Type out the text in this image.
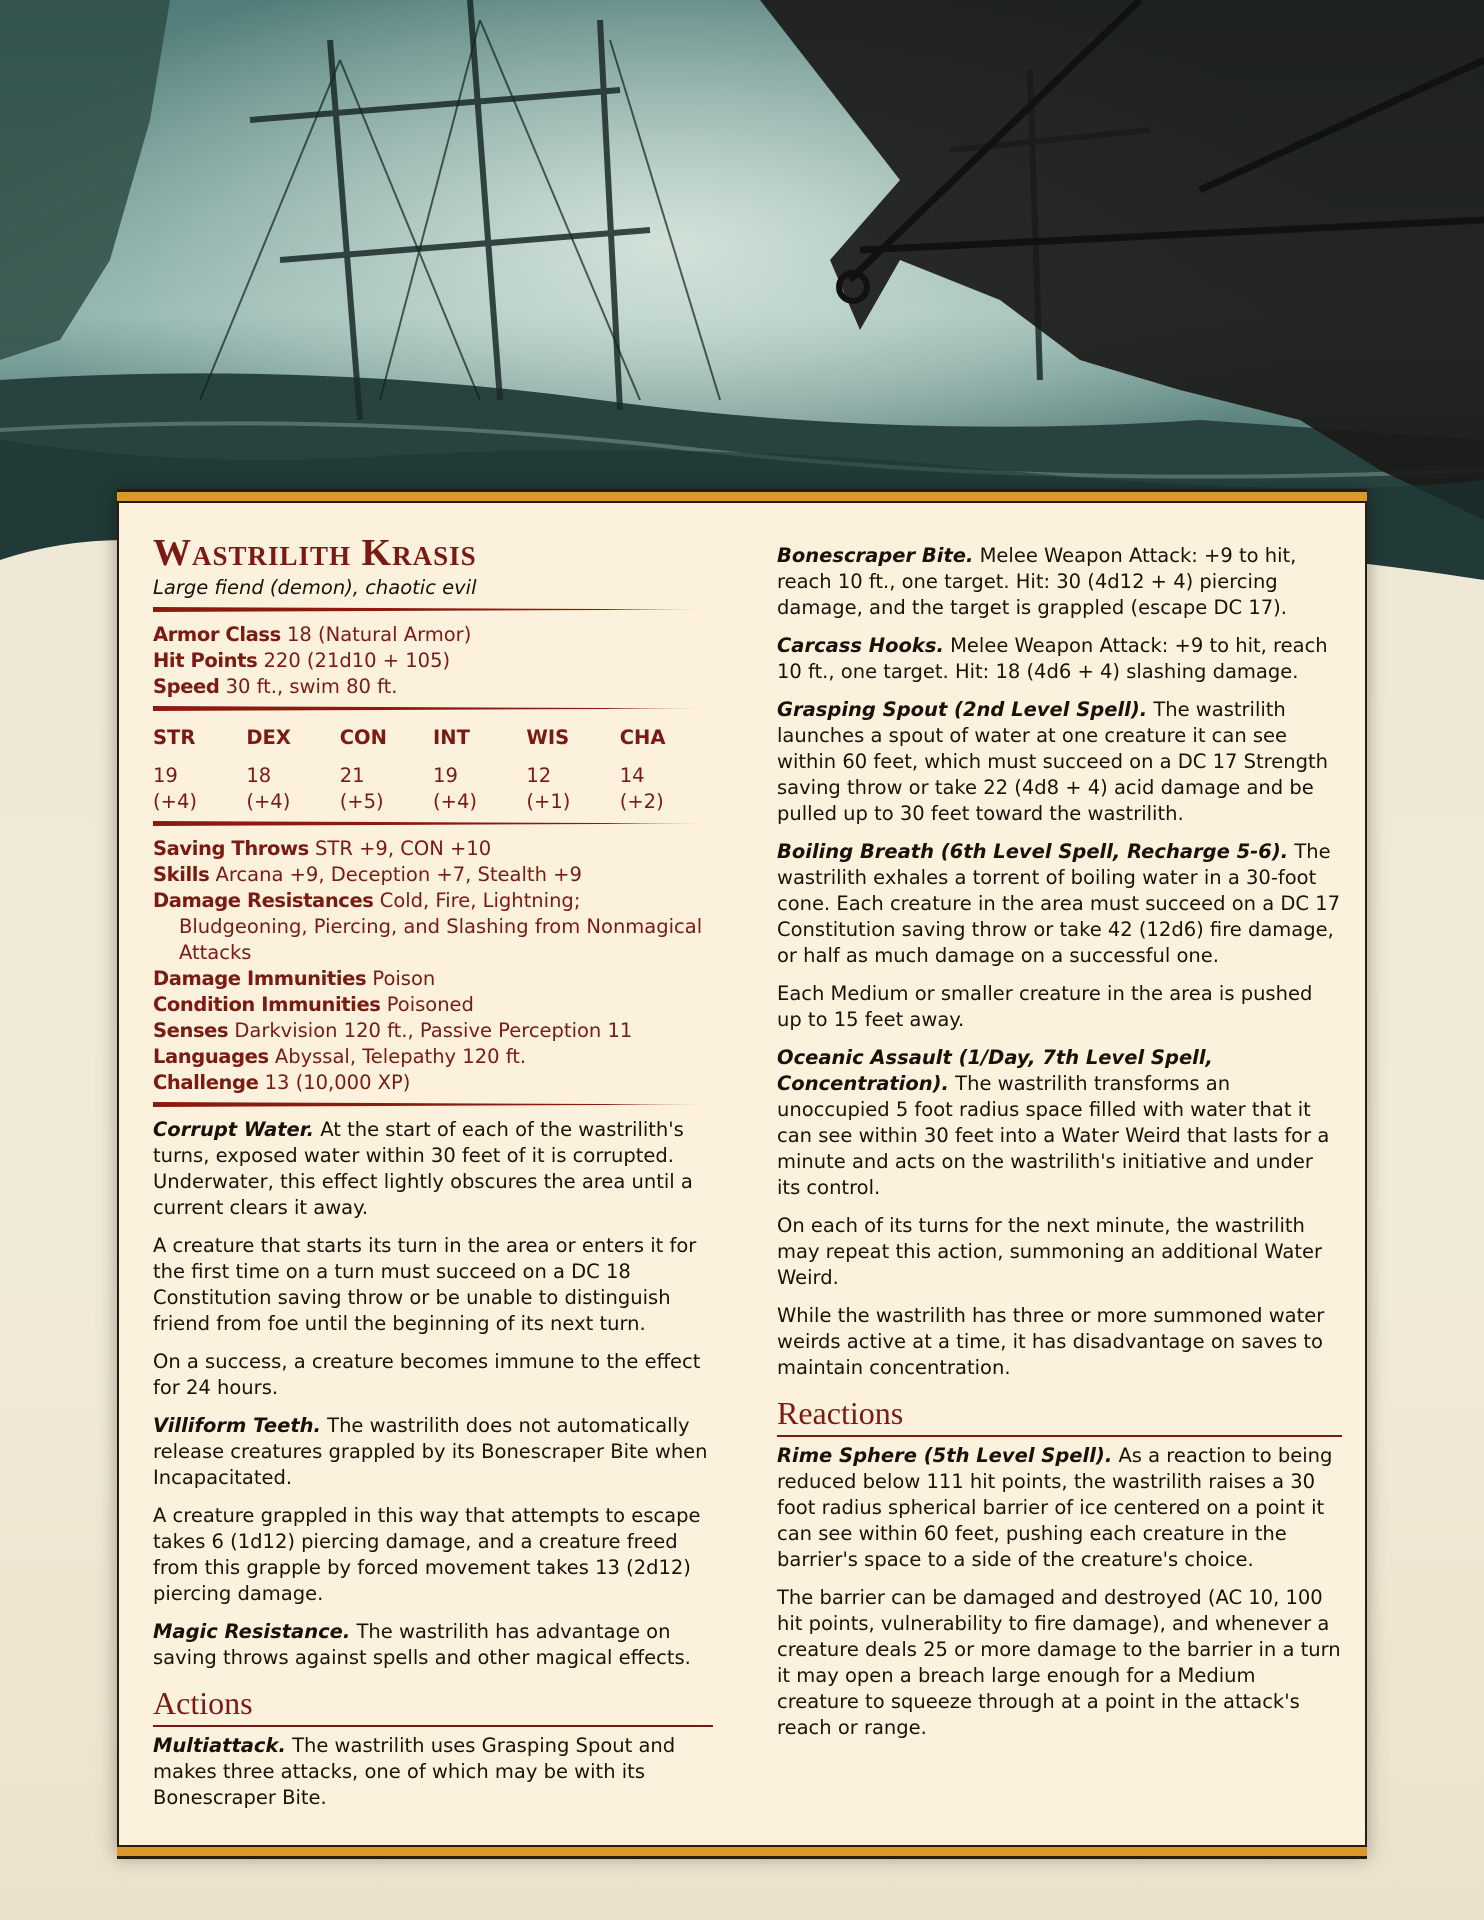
Wastrilith Krasis
Large fiend (demon), chaotic evil
Armor Class 18 (Natural Armor)
Hit Points 220 (21d10 + 105)
Speed 30 ft., swim 80 ft.
STR
19 (+4)
DEX
18 (+4)
CON
21 (+5)
INT
19 (+4)
WIS
12 (+1)
CHA
14 (+2)
Saving Throws STR +9, CON +10
Skills Arcana +9, Deception +7, Stealth +9
Damage Resistances Cold, Fire, Lightning; Bludgeoning, Piercing, and Slashing from Nonmagical Attacks
Damage Immunities Poison
Condition Immunities Poisoned
Senses Darkvision 120 ft., Passive Perception 11
Languages Abyssal, Telepathy 120 ft.
Challenge 13 (10,000 XP)

Corrupt Water. At the start of each of the wastrilith's turns, exposed water within 30 feet of it is corrupted. Underwater, this effect lightly obscures the area until a current clears it away.

A creature that starts its turn in the area or enters it for the first time on a turn must succeed on a DC 18 Constitution saving throw or be unable to distinguish friend from foe until the beginning of its next turn.

On a success, a creature becomes immune to the effect for 24 hours.

Villiform Teeth. The wastrilith does not automatically release creatures grappled by its Bonescraper Bite when Incapacitated.

A creature grappled in this way that attempts to escape takes 6 (1d12) piercing damage, and a creature freed from this grapple by forced movement takes 13 (2d12) piercing damage.

Magic Resistance. The wastrilith has advantage on saving throws against spells and other magical effects.

Actions

Multiattack. The wastrilith uses Grasping Spout and makes three attacks, one of which may be with its Bonescraper Bite.

Bonescraper Bite. Melee Weapon Attack: +9 to hit, reach 10 ft., one target. Hit: 30 (4d12 + 4) piercing damage, and the target is grappled (escape DC 17).

Carcass Hooks. Melee Weapon Attack: +9 to hit, reach 10 ft., one target. Hit: 18 (4d6 + 4) slashing damage.

Grasping Spout (2nd Level Spell). The wastrilith launches a spout of water at one creature it can see within 60 feet, which must succeed on a DC 17 Strength saving throw or take 22 (4d8 + 4) acid damage and be pulled up to 30 feet toward the wastrilith.

Boiling Breath (6th Level Spell, Recharge 5-6). The wastrilith exhales a torrent of boiling water in a 30-foot cone. Each creature in the area must succeed on a DC 17 Constitution saving throw or take 42 (12d6) fire damage, or half as much damage on a successful one.

Each Medium or smaller creature in the area is pushed up to 15 feet away.

Oceanic Assault (1/Day, 7th Level Spell, Concentration). The wastrilith transforms an unoccupied 5 foot radius space filled with water that it can see within 30 feet into a Water Weird that lasts for a minute and acts on the wastrilith's initiative and under its control.

On each of its turns for the next minute, the wastrilith may repeat this action, summoning an additional Water Weird.

While the wastrilith has three or more summoned water weirds active at a time, it has disadvantage on saves to maintain concentration.

Reactions

Rime Sphere (5th Level Spell). As a reaction to being reduced below 111 hit points, the wastrilith raises a 30 foot radius spherical barrier of ice centered on a point it can see within 60 feet, pushing each creature in the barrier's space to a side of the creature's choice.

The barrier can be damaged and destroyed (AC 10, 100 hit points, vulnerability to fire damage), and whenever a creature deals 25 or more damage to the barrier in a turn it may open a breach large enough for a Medium creature to squeeze through at a point in the attack's reach or range.
